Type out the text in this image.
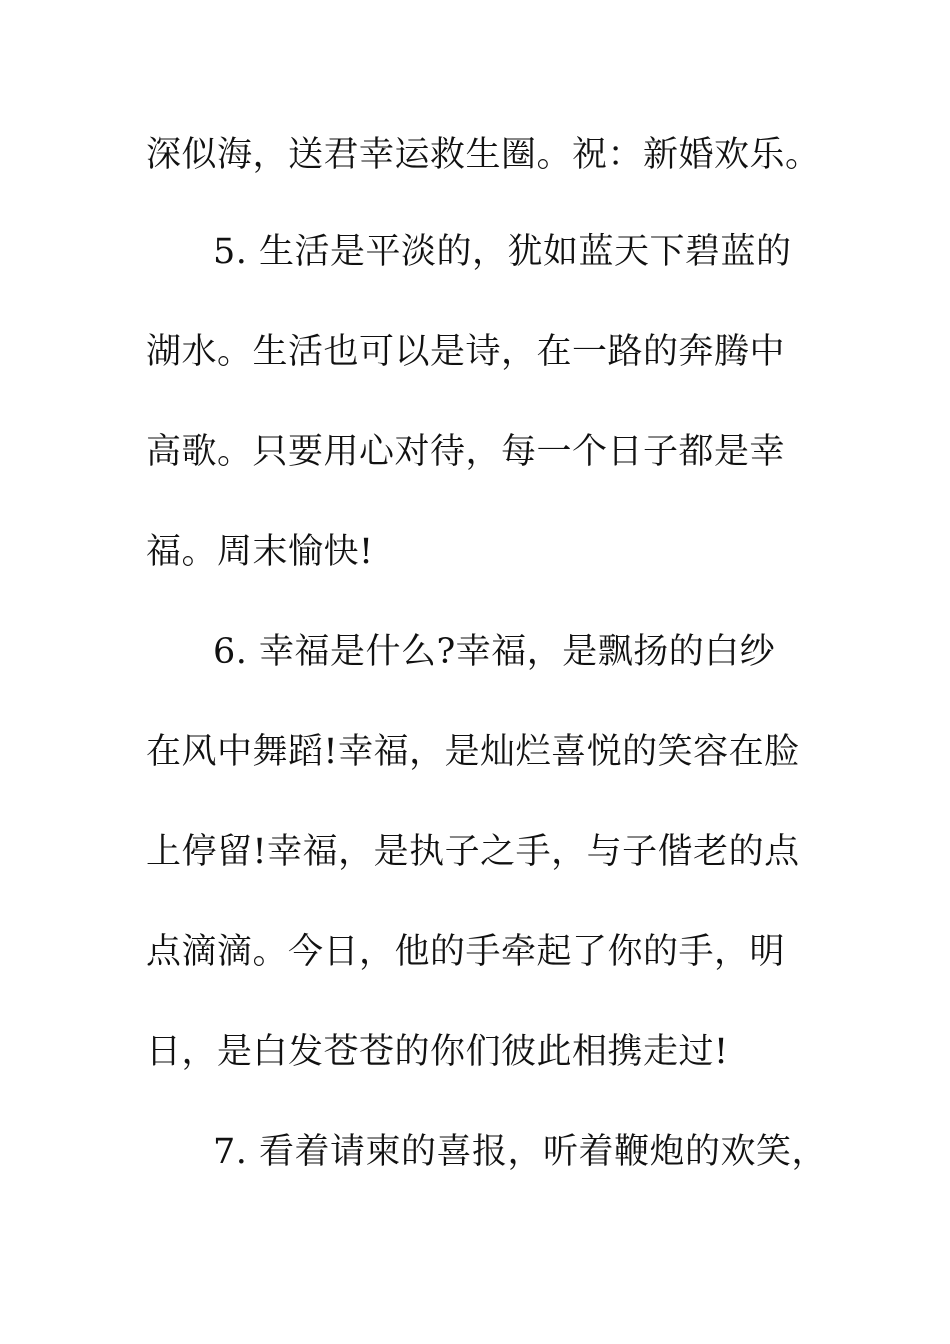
深似海，送君幸运救生圈。祝：新婚欢乐。
5. 生活是平淡的，犹如蓝天下碧蓝的
湖水。生活也可以是诗，在一路的奔腾中
高歌。只要用心对待，每一个日子都是幸
福。周末愉快!
6. 幸福是什么?幸福，是飘扬的白纱
在风中舞蹈!幸福，是灿烂喜悦的笑容在脸
上停留!幸福，是执子之手，与子偕老的点
点滴滴。今日，他的手牵起了你的手，明
日，是白发苍苍的你们彼此相携走过!
7. 看着请柬的喜报，听着鞭炮的欢笑，
